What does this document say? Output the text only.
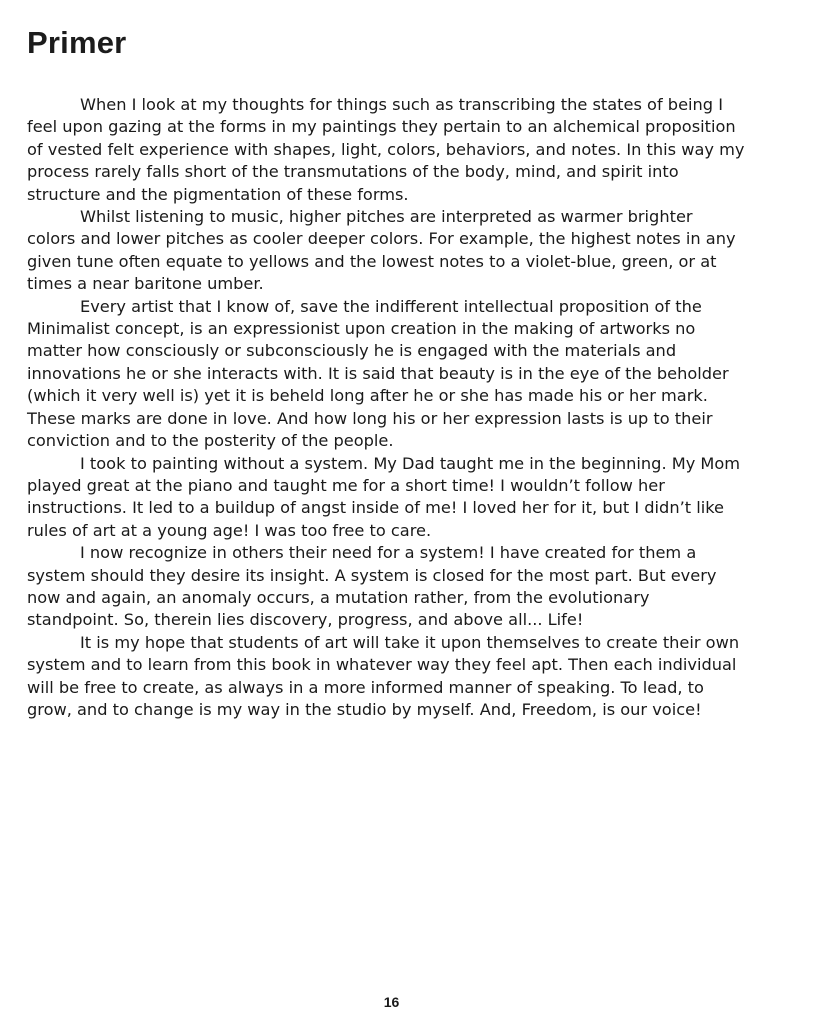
Primer

When I look at my thoughts for things such as transcribing the states of being I feel upon gazing at the forms in my paintings they pertain to an alchemical proposition of vested felt experience with shapes, light, colors, behaviors, and notes. In this way my process rarely falls short of the transmutations of the body, mind, and spirit into structure and the pigmentation of these forms.

Whilst listening to music, higher pitches are interpreted as warmer brighter colors and lower pitches as cooler deeper colors. For example, the highest notes in any given tune often equate to yellows and the lowest notes to a violet-blue, green, or at times a near baritone umber.

Every artist that I know of, save the indifferent intellectual proposition of the Minimalist concept, is an expressionist upon creation in the making of artworks no matter how consciously or subconsciously he is engaged with the materials and innovations he or she interacts with. It is said that beauty is in the eye of the beholder (which it very well is) yet it is beheld long after he or she has made his or her mark. These marks are done in love. And how long his or her expression lasts is up to their conviction and to the posterity of the people.

I took to painting without a system. My Dad taught me in the beginning. My Mom played great at the piano and taught me for a short time! I wouldn’t follow her instructions. It led to a buildup of angst inside of me! I loved her for it, but I didn’t like rules of art at a young age! I was too free to care.

I now recognize in others their need for a system! I have created for them a system should they desire its insight. A system is closed for the most part. But every now and again, an anomaly occurs, a mutation rather, from the evolutionary standpoint. So, therein lies discovery, progress, and above all... Life!

It is my hope that students of art will take it upon themselves to create their own system and to learn from this book in whatever way they feel apt. Then each individual will be free to create, as always in a more informed manner of speaking. To lead, to grow, and to change is my way in the studio by myself. And, Freedom, is our voice!

16
